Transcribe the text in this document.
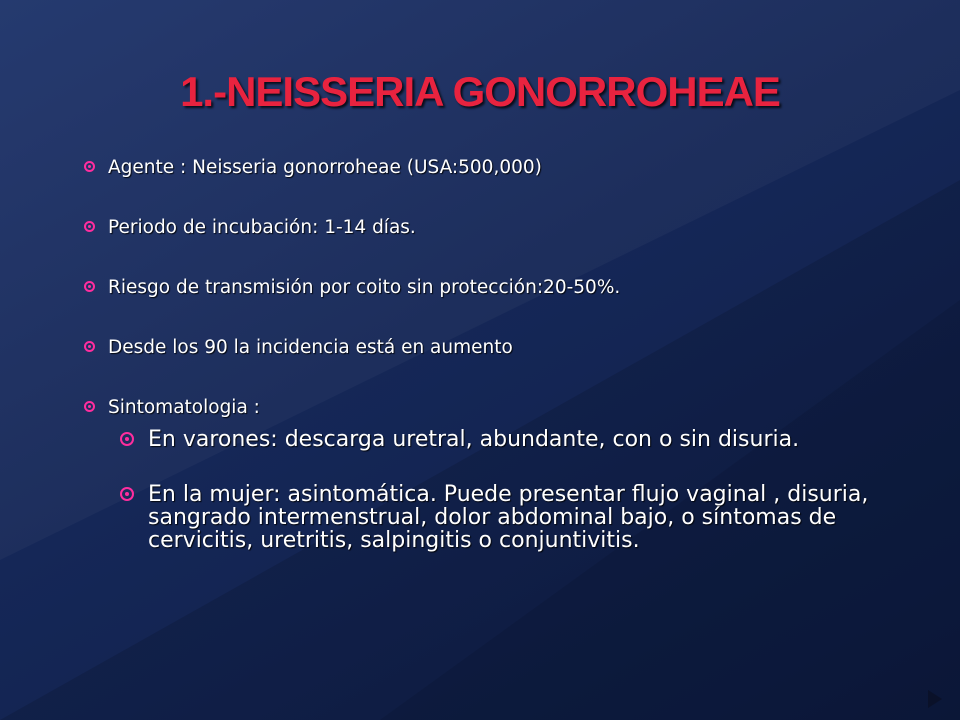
1.-NEISSERIA GONORROHEAE
Agente : Neisseria gonorroheae (USA:500,000)
Periodo de incubación: 1-14 días.
Riesgo de transmisión por coito sin protección:20-50%.
Desde los 90 la incidencia está en aumento
Sintomatologia :
En varones: descarga uretral, abundante, con o sin disuria.
En la mujer: asintomática. Puede presentar flujo vaginal , disuria, sangrado intermenstrual, dolor abdominal bajo, o síntomas de cervicitis, uretritis, salpingitis o conjuntivitis.
